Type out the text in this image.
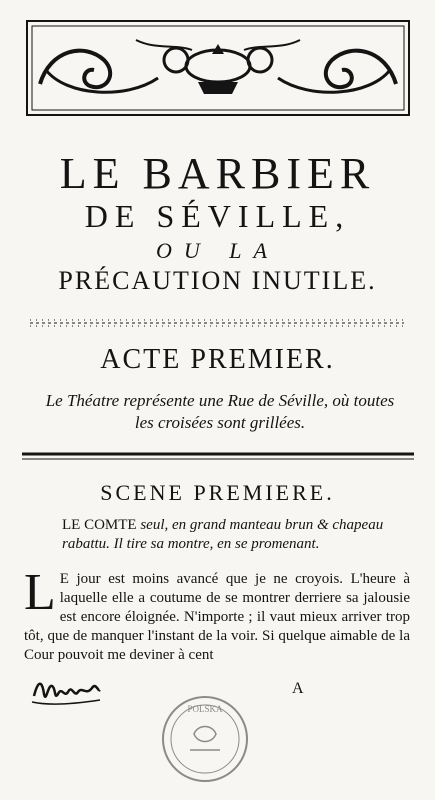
LE BARBIER
DE SÉVILLE,
OU LA
PRÉCAUTION INUTILE.
ACTE PREMIER.
Le Théatre représente une Rue de Séville, où toutes les croisées sont grillées.
SCENE PREMIERE.
LE COMTE seul, en grand manteau brun & chapeau rabattu. Il tire sa montre, en se promenant.
L E jour est moins avancé que je ne croyois. L'heure à laquelle elle a coutume de se montrer derriere sa jalousie est encore éloignée. N'importe ; il vaut mieux arriver trop tôt, que de manquer l'instant de la voir. Si quelque aimable de la Cour pouvoit me deviner à cent
A
POLSKA
